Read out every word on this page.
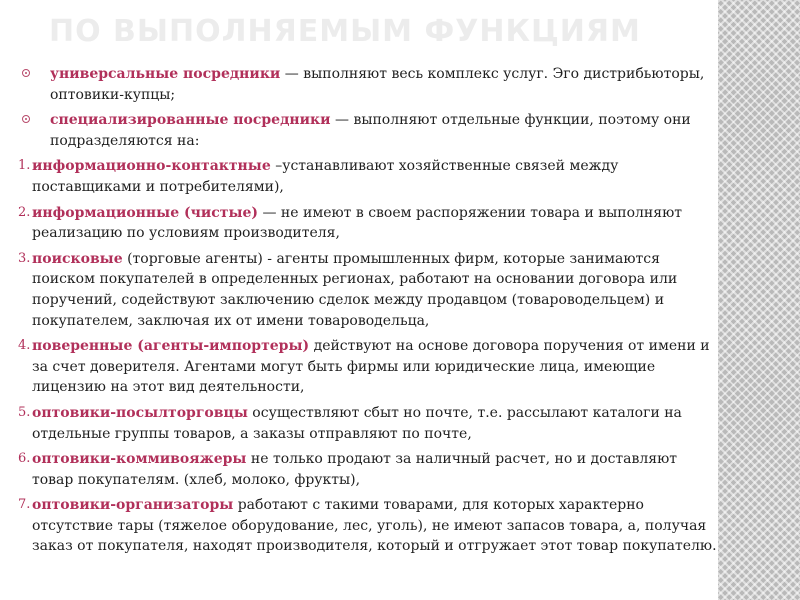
ПО ВЫПОЛНЯЕМЫМ ФУНКЦИЯМ
универсальные посредники — выполняют весь комплекс услуг. Эго дистрибьюторы, оптовики-купцы;
специализированные посредники — выполняют отдельные функции, поэтому они подразделяются на:
1. информационно-контактные –устанавливают хозяйственные связей между поставщиками и потребителями),
2. информационные (чистые) — не имеют в своем распоряжении товара и выполняют реализацию по условиям производителя,
3. поисковые (торговые агенты) - агенты промышленных фирм, которые занимаются поиском покупателей в определенных регионах, работают на основании договора или поручений, содействуют заключению сделок между продавцом (товароводельцем) и покупателем, заключая их от имени товароводельца,
4. поверенные (агенты-импортеры) действуют на основе договора поручения от имени и за счет доверителя. Агентами могут быть фирмы или юридические лица, имеющие лицензию на этот вид деятельности,
5. оптовики-посылторговцы осуществляют сбыт но почте, т.е. рассылают каталоги на отдельные группы товаров, а заказы отправляют по почте,
6. оптовики-коммивояжеры не только продают за наличный расчет, но и доставляют товар покупателям. (хлеб, молоко, фрукты),
7. оптовики-организаторы работают с такими товарами, для которых характерно отсутствие тары (тяжелое оборудование, лес, уголь), не имеют запасов товара, а, получая заказ от покупателя, находят производителя, который и отгружает этот товар покупателю.
